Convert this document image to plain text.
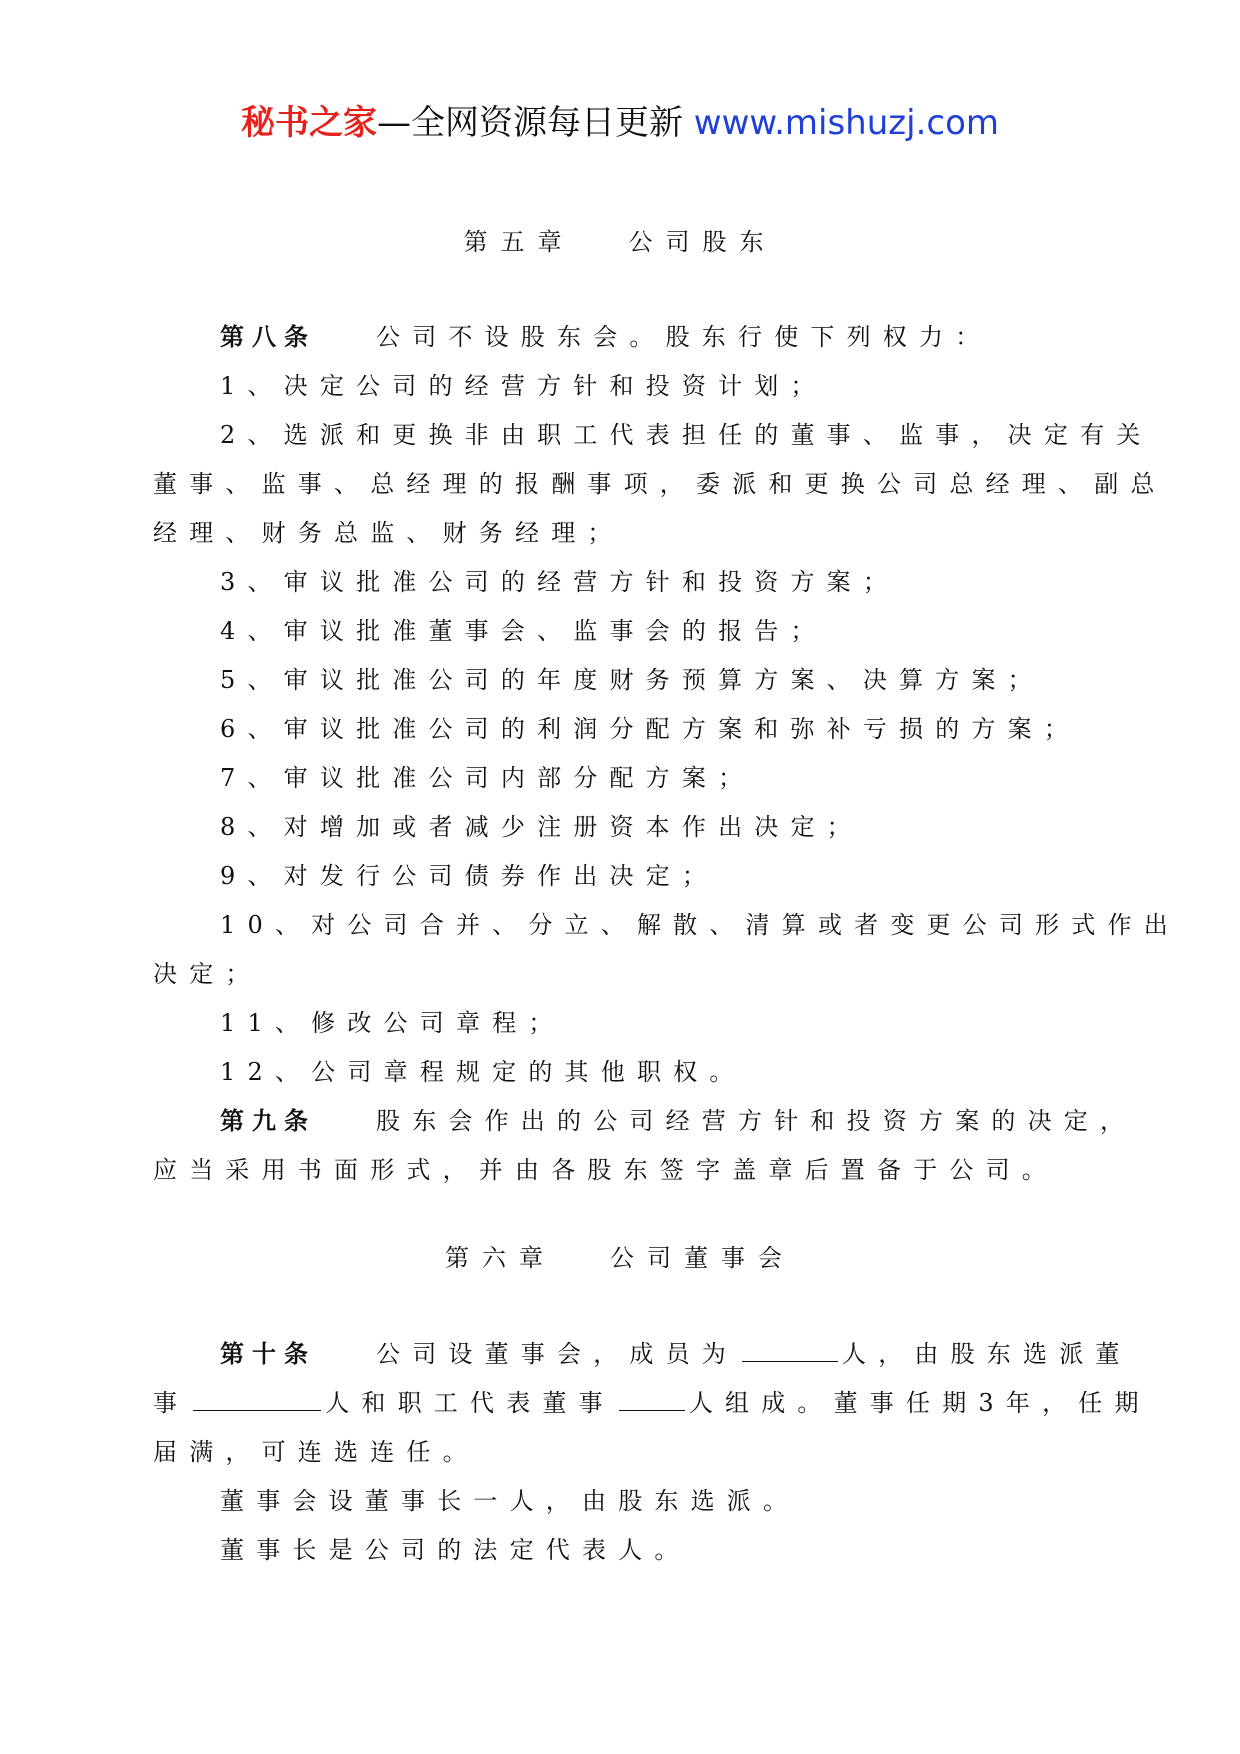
秘书之家—全网资源每日更新 www.mishuzj.com
第五章 公司股东

第八条	公司不设股东会。股东行使下列权力：

1、决定公司的经营方针和投资计划；

2、选派和更换非由职工代表担任的董事、监事，决定有关

董事、监事、总经理的报酬事项，委派和更换公司总经理、副总

经理、财务总监、财务经理；

3、审议批准公司的经营方针和投资方案；

4、审议批准董事会、监事会的报告；

5、审议批准公司的年度财务预算方案、决算方案；

6、审议批准公司的利润分配方案和弥补亏损的方案；

7、审议批准公司内部分配方案；

8、对增加或者减少注册资本作出决定；

9、对发行公司债券作出决定；

10、对公司合并、分立、解散、清算或者变更公司形式作出

决定；

11、修改公司章程；

12、公司章程规定的其他职权。

第九条	股东会作出的公司经营方针和投资方案的决定，

应当采用书面形式，并由各股东签字盖章后置备于公司。

第六章 公司董事会

第十条	公司设董事会，成员为	人，由股东选派董

事	人和职工代表董事	人组成。董事任期3年，任期

届满，可连选连任。

董事会设董事长一人，由股东选派。

董事长是公司的法定代表人。
